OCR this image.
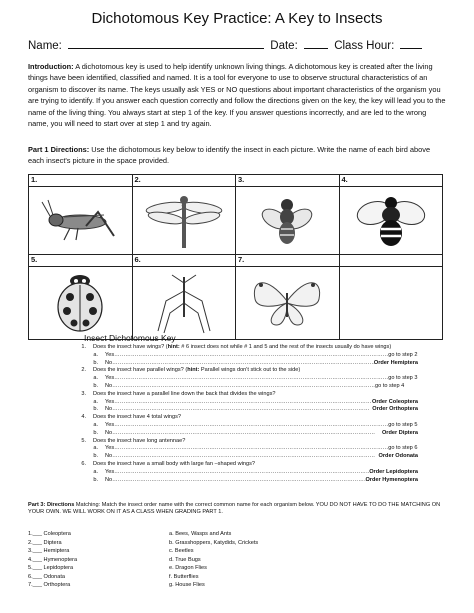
Dichotomous Key Practice: A Key to Insects
Name:	Date:	Class Hour:
Introduction: A dichotomous key is used to help identify unknown living things. A dichotomous key is created after the living things have been identified, classified and named. It is a tool for everyone to use to observe structural characteristics of an organism to discover its name. The keys usually ask YES or NO questions about important characteristics of the organism you are trying to identify. If you answer each question correctly and follow the directions given on the key, the key will lead you to the name of the living thing. You always start at step 1 of the key. If you answer questions incorrectly, and are led to the wrong name, you will need to start over at step 1 and try again.
Part 1 Directions: Use the dichotomous key below to identify the insect in each picture. Write the name of each bird above each insect's picture in the space provided.
1.	2.	3.	4.

5.	6.	7.	

Insect Dichotomous Key
1. Does the insect have wings? (hint: # 6 insect does not while # 1 and 5 and the rest of the insects usually do have wings)
a. Yes…………………………………………………………………………………………………………………………………go to step 2
b. No……………………………………………………………………………………………………………………………
Order Hemiptera
2. Does the insect have parallel wings? (hint: Parallel wings don't stick out to the side)
a. Yes…………………………………………………………………………………………………………………………………go to step 3
b. No……………………………………………………………………………………………………………………………go to step 4
3. Does the insect have a parallel line down the back that divides the wings?
a. Yes………………………………………………………………………………………………………………………… Order Coleoptera
b. No………………………………………………………………………………………………………………………… Order Orthoptera
4. Does the insect have 4 total wings?
a. Yes…………………………………………………………………………………………………………………………………go to step 5
b. No…………………………………………………………………………………………………………………………… Order Diptera
5. Does the insect have long antennae?
a. Yes…………………………………………………………………………………………………………………………………go to step 6
b. No…………………………………………………………………………………………………………………………… Order Odonata
6. Does the insect have a small body with large fan –shaped wings?
a. Yes…………………………………………………………………………………………………………………………
Order Lepidoptera
b. No…………………………………………………………………………………………………………………………
Order Hymenoptera
Part 3: Directions Matching: Match the insect order name with the correct common name for each organism below. YOU DO NOT HAVE TO DO THE MATCHING ON YOUR OWN. WE WILL WORK ON IT AS A CLASS WHEN GRADING PART 1.
1.___ Coleoptera
2.___ Diptera
3.___ Hemiptera
4.___ Hymenoptera
5.___ Lepidoptera
6.___ Odonata
7.___ Orthoptera
a. Bees, Wasps and Ants
b. Grasshoppers, Katydids, Crickets
c. Beetles
d. True Bugs
e. Dragon Flies
f. Butterflies
g. House Flies
